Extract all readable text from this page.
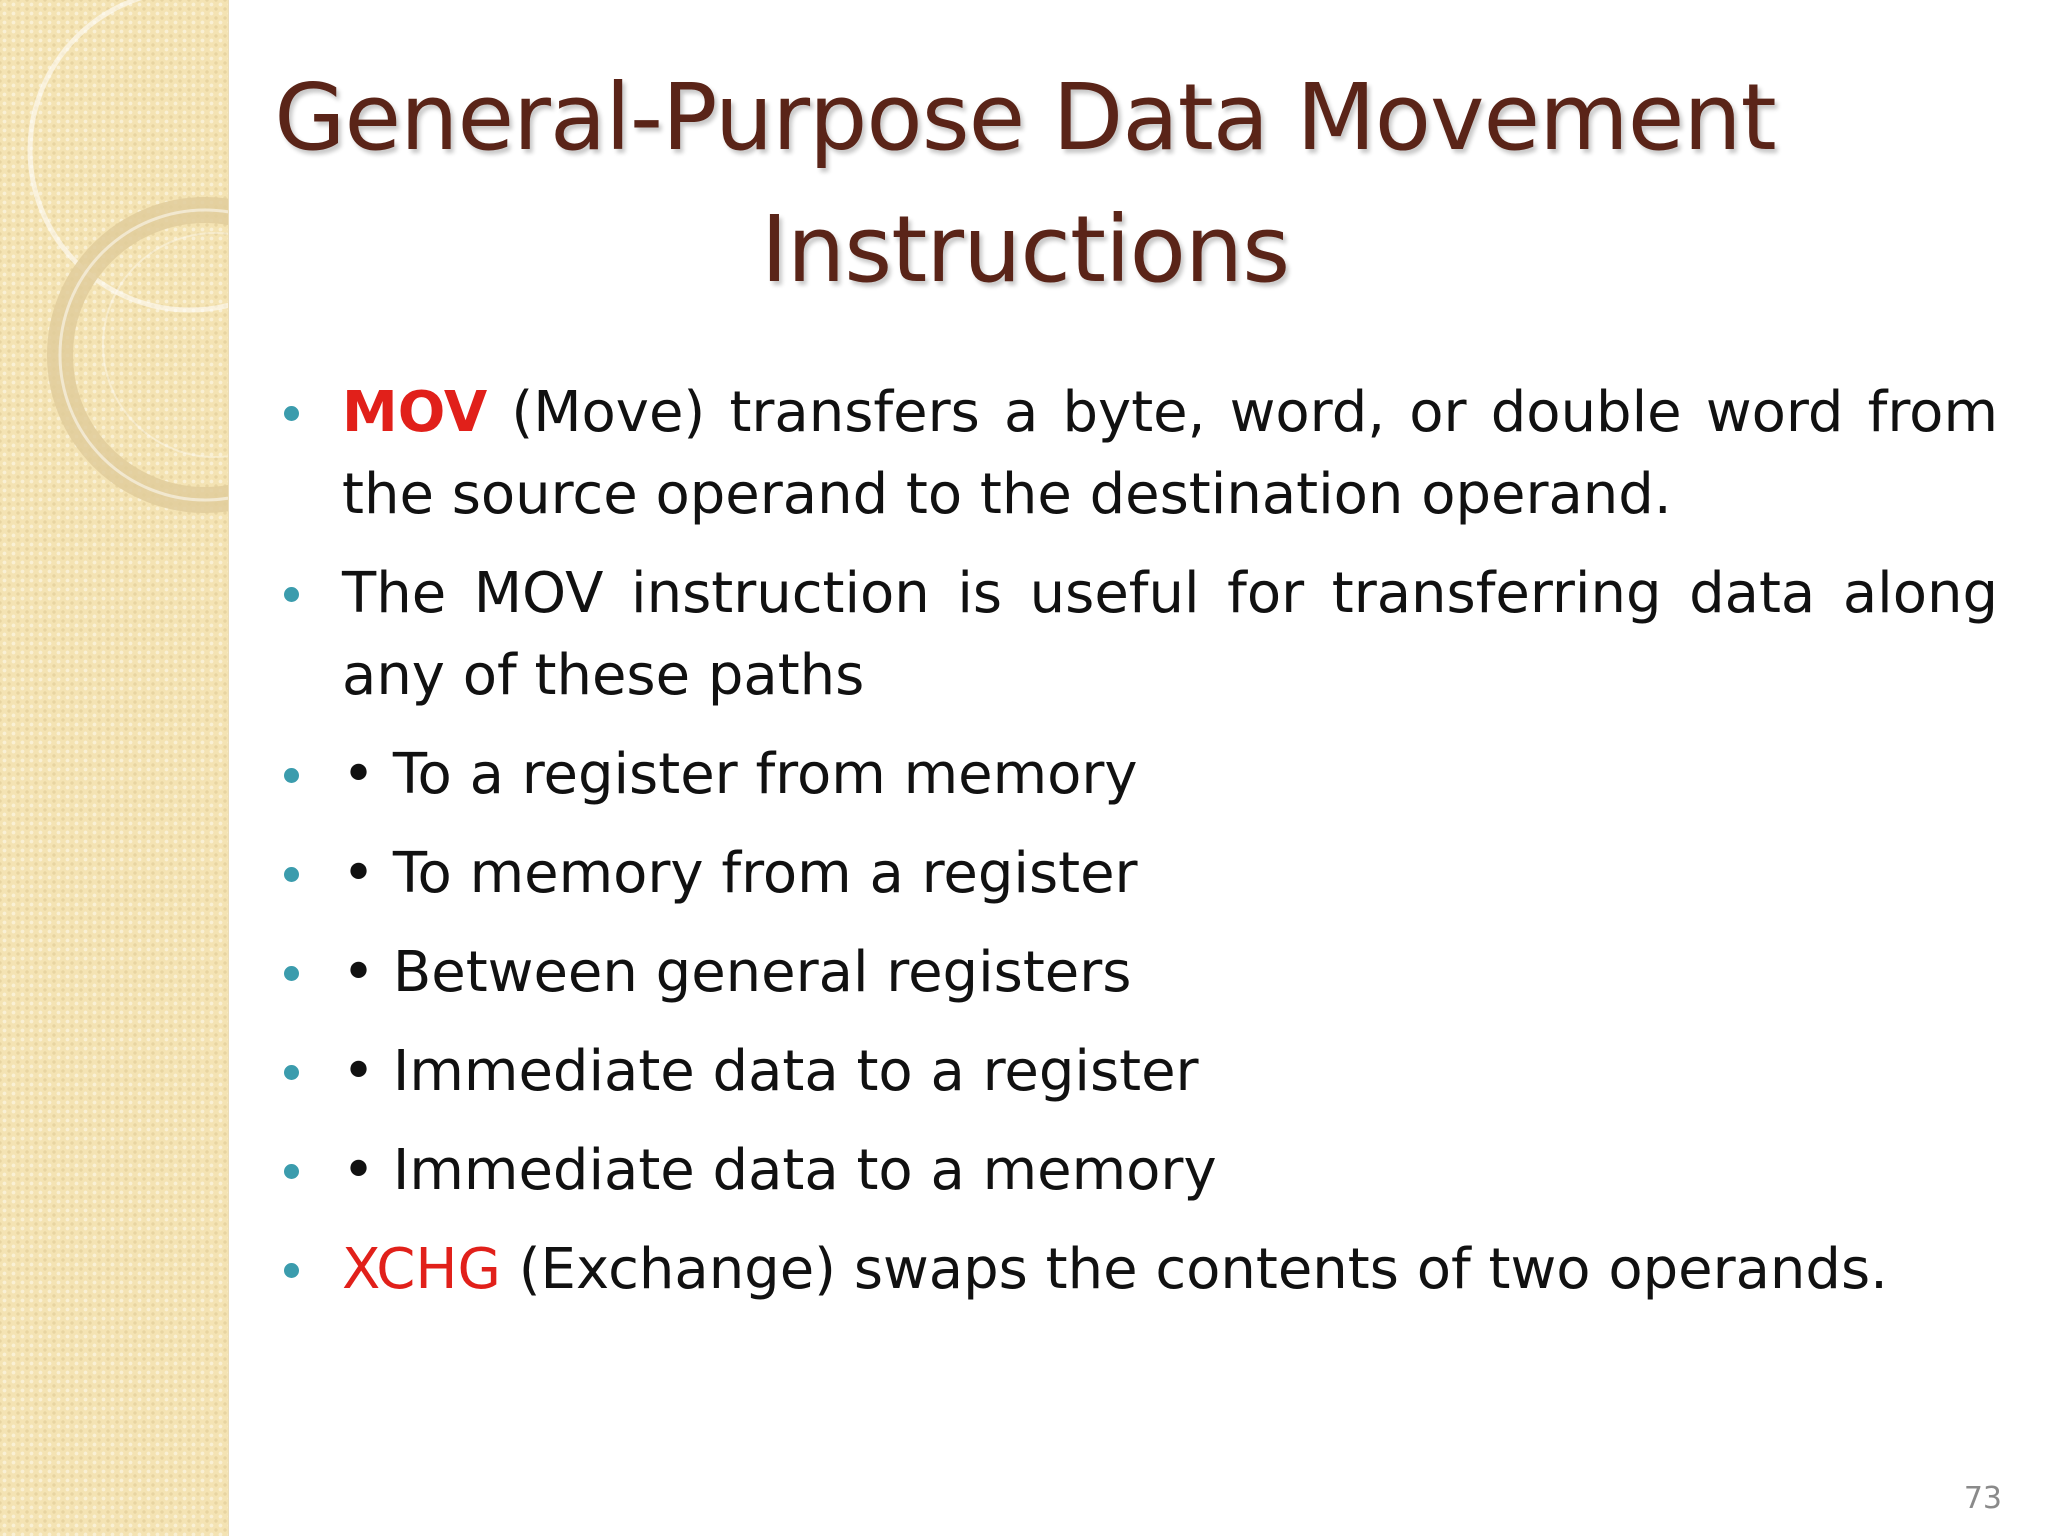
General-Purpose Data Movement
Instructions
MOV (Move) transfers a byte, word, or double word from the source operand to the destination operand.
The MOV instruction is useful for transferring data along any of these paths
• To a register from memory
• To memory from a register
• Between general registers
• Immediate data to a register
• Immediate data to a memory
XCHG (Exchange) swaps the contents of two operands.
73
